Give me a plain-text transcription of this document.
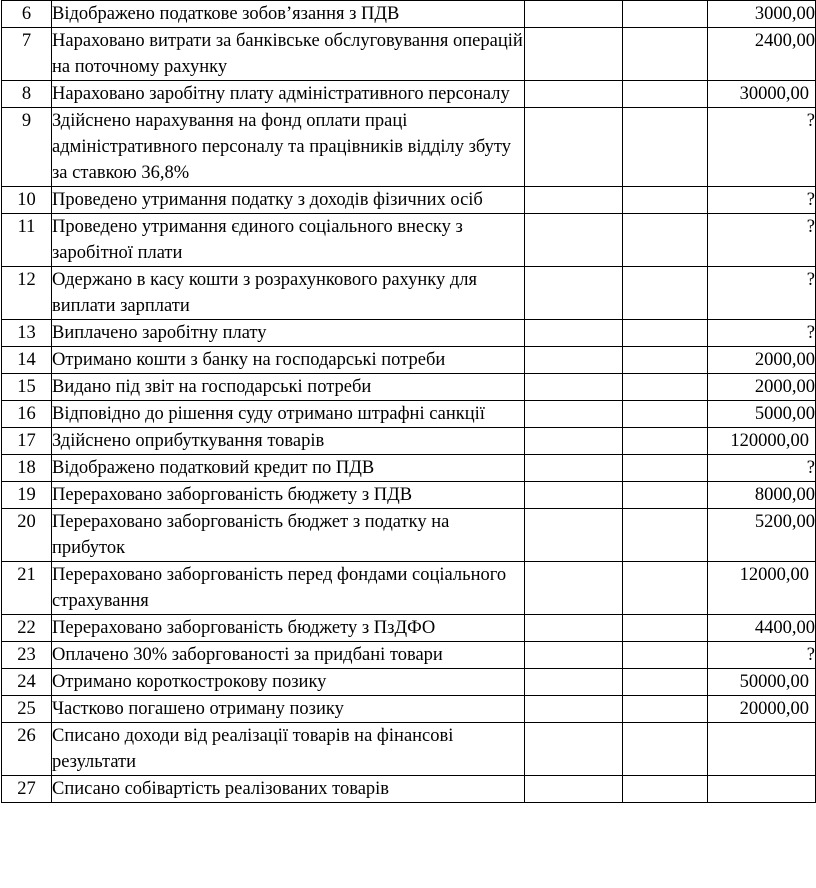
6	Відображено податкове зобов’язання з ПДВ			3000,00
7	Нараховано витрати за банківське обслуговування операцій на поточному рахунку			2400,00
8	Нараховано заробітну плату адміністративного персоналу			30000,00
9	Здійснено нарахування на фонд оплати праці адміністративного персоналу та працівників відділу збуту за ставкою 36,8%			?
10	Проведено утримання податку з доходів фізичних осіб			?
11	Проведено утримання єдиного соціального внеску з заробітної плати			?
12	Одержано в касу кошти з розрахункового рахунку для виплати зарплати			?
13	Виплачено заробітну плату			?
14	Отримано кошти з банку на господарські потреби			2000,00
15	Видано під звіт на господарські потреби			2000,00
16	Відповідно до рішення суду отримано штрафні санкції			5000,00
17	Здійснено оприбуткування товарів			120000,00
18	Відображено податковий кредит по ПДВ			?
19	Перераховано заборгованість бюджету з ПДВ			8000,00
20	Перераховано заборгованість бюджет з податку на прибуток			5200,00
21	Перераховано заборгованість перед фондами соціального страхування			12000,00
22	Перераховано заборгованість бюджету з ПзДФО			4400,00
23	Оплачено 30% заборгованості за придбані товари			?
24	Отримано короткострокову позику			50000,00
25	Частково погашено отриману позику			20000,00
26	Списано доходи від реалізації товарів на фінансові результати			
27	Списано собівартість реалізованих товарів			
